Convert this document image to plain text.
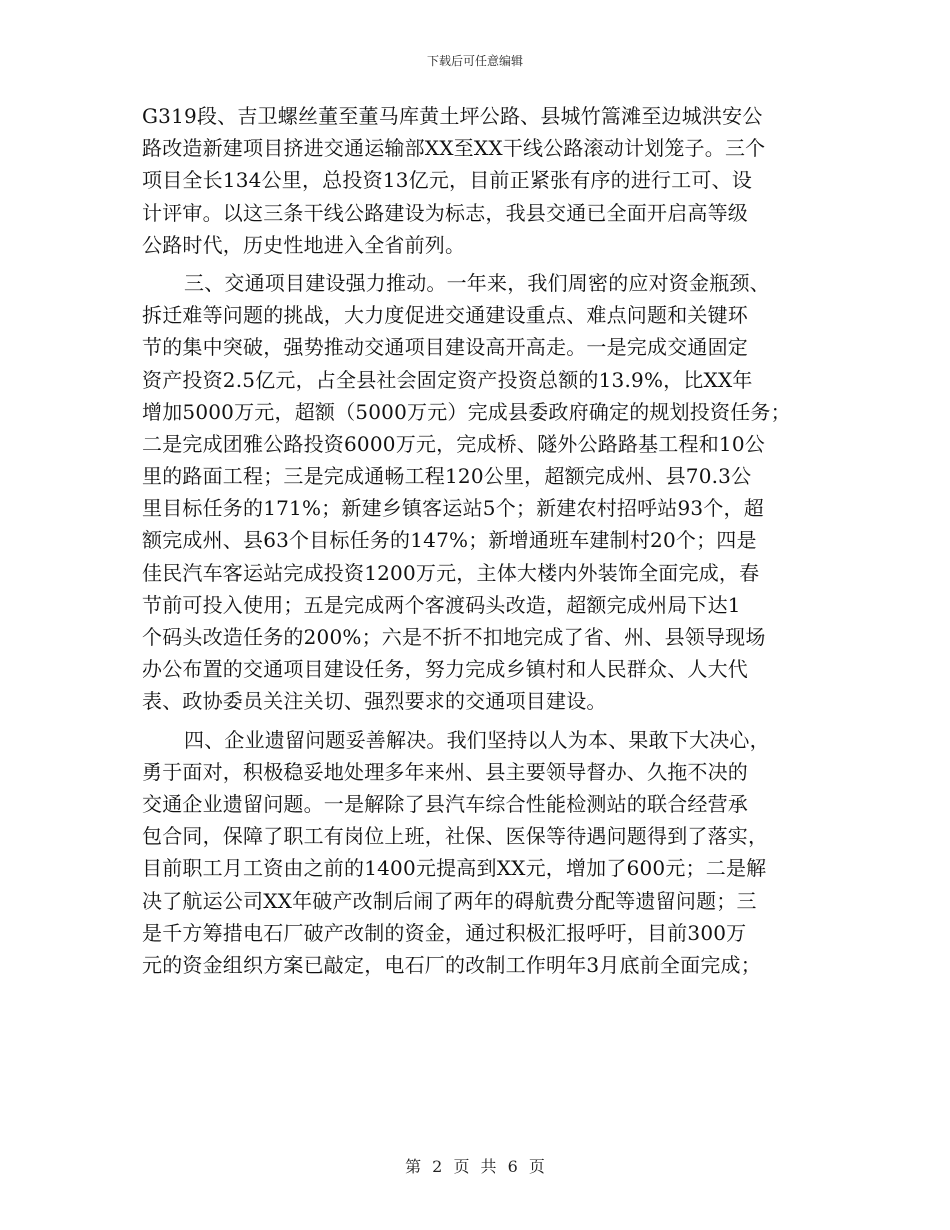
下载后可任意编辑
G319段、吉卫螺丝董至董马库黄土坪公路、县城竹篙滩至边城洪安公
路改造新建项目挤进交通运输部XX至XX干线公路滚动计划笼子。三个
项目全长134公里，总投资13亿元，目前正紧张有序的进行工可、设
计评审。以这三条干线公路建设为标志，我县交通已全面开启高等级
公路时代，历史性地进入全省前列。
三、交通项目建设强力推动。一年来，我们周密的应对资金瓶颈、
拆迁难等问题的挑战，大力度促进交通建设重点、难点问题和关键环
节的集中突破，强势推动交通项目建设高开高走。一是完成交通固定
资产投资2.5亿元，占全县社会固定资产投资总额的13.9%，比XX年
增加5000万元，超额（5000万元）完成县委政府确定的规划投资任务；
二是完成团雅公路投资6000万元，完成桥、隧外公路路基工程和10公
里的路面工程；三是完成通畅工程120公里，超额完成州、县70.3公
里目标任务的171%；新建乡镇客运站5个；新建农村招呼站93个，超
额完成州、县63个目标任务的147%；新增通班车建制村20个；四是
佳民汽车客运站完成投资1200万元，主体大楼内外装饰全面完成，春
节前可投入使用；五是完成两个客渡码头改造，超额完成州局下达1
个码头改造任务的200%；六是不折不扣地完成了省、州、县领导现场
办公布置的交通项目建设任务，努力完成乡镇村和人民群众、人大代
表、政协委员关注关切、强烈要求的交通项目建设。
四、企业遗留问题妥善解决。我们坚持以人为本、果敢下大决心，
勇于面对，积极稳妥地处理多年来州、县主要领导督办、久拖不决的
交通企业遗留问题。一是解除了县汽车综合性能检测站的联合经营承
包合同，保障了职工有岗位上班，社保、医保等待遇问题得到了落实，
目前职工月工资由之前的1400元提高到XX元，增加了600元；二是解
决了航运公司XX年破产改制后闹了两年的碍航费分配等遗留问题；三
是千方筹措电石厂破产改制的资金，通过积极汇报呼吁，目前300万
元的资金组织方案已敲定，电石厂的改制工作明年3月底前全面完成；
第 2 页 共 6 页
